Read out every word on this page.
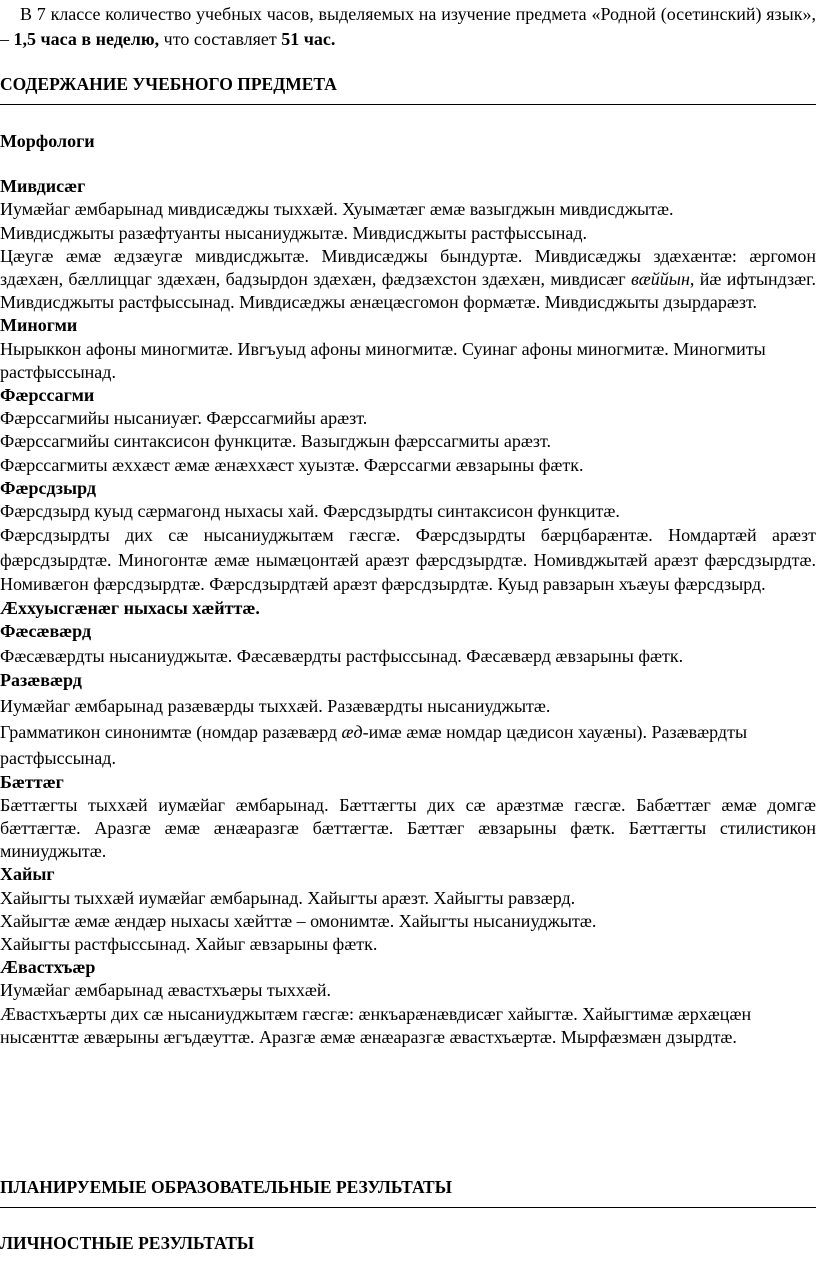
В 7 классе количество учебных часов, выделяемых на изучение предмета «Родной (осетинский) язык», – 1,5 часа в неделю, что составляет 51 час.

СОДЕРЖАНИЕ УЧЕБНОГО ПРЕДМЕТА

Морфологи

Мивдисæг

Иумæйаг æмбарынад мивдисæджы тыххæй. Хуымæтæг æмæ вазыгджын мивдисджытæ.

Мивдисджыты разæфтуанты нысаниуджытæ. Мивдисджыты растфыссынад.

Цæугæ æмæ æдзæугæ мивдисджытæ. Мивдисæджы бындуртæ. Мивдисæджы здæхæнтæ: æргомон здæхæн, бæллиццаг здæхæн, бадзырдон здæхæн, фæдзæхстон здæхæн, мивдисæг вæййын, йæ ифтындзæг. Мивдисджыты растфыссынад. Мивдисæджы æнæцæсгомон формæтæ. Мивдисджыты дзырдарæзт.

Миногми

Нырыккон афоны миногмитæ. Ивгъуыд афоны миногмитæ. Суинаг афоны миногмитæ. Миногмиты растфыссынад.

Фæрссагми

Фæрссагмийы нысаниуæг. Фæрссагмийы арæзт.

Фæрссагмийы синтаксисон функцитæ. Вазыгджын фæрссагмиты арæзт.

Фæрссагмиты æххæст æмæ æнæххæст хуызтæ. Фæрссагми æвзарыны фæтк.

Фæрсдзырд

Фæрсдзырд куыд сæрмагонд ныхасы хай. Фæрсдзырдты синтаксисон функцитæ.

Фæрсдзырдты дих сæ нысаниуджытæм гæсгæ. Фæрсдзырдты бæрцбарæнтæ. Номдартæй арæзт фæрсдзырдтæ. Миногонтæ æмæ нымæцонтæй арæзт фæрсдзырдтæ. Номивджытæй арæзт фæрсдзырдтæ. Номивæгон фæрсдзырдтæ. Фæрсдзырдтæй арæзт фæрсдзырдтæ. Куыд равзарын хъæуы фæрсдзырд.

Æххуысгæнæг ныхасы хæйттæ.

Фæсæвæрд

Фæсæвæрдты нысаниуджытæ. Фæсæвæрдты растфыссынад. Фæсæвæрд æвзарыны фæтк.

Разæвæрд

Иумæйаг æмбарынад разæвæрды тыххæй. Разæвæрдты нысаниуджытæ.

Грамматикон синонимтæ (номдар разæвæрд æд-имæ æмæ номдар цæдисон хауæны). Разæвæрдты растфыссынад.

Бæттæг

Бæттæгты тыххæй иумæйаг æмбарынад. Бæттæгты дих сæ арæзтмæ гæсгæ. Бабæттæг æмæ домгæ бæттæгтæ. Аразгæ æмæ æнæаразгæ бæттæгтæ. Бæттæг æвзарыны фæтк. Бæттæгты стилистикон миниуджытæ.

Хайыг

Хайыгты тыххæй иумæйаг æмбарынад. Хайыгты арæзт. Хайыгты равзæрд.

Хайыгтæ æмæ æндæр ныхасы хæйттæ – омонимтæ. Хайыгты нысаниуджытæ.

Хайыгты растфыссынад. Хайыг æвзарыны фæтк.

Æвастхъæр

Иумæйаг æмбарынад æвастхъæры тыххæй.

Æвастхъæрты дих сæ нысаниуджытæм гæсгæ: æнкъарæнæвдисæг хайыгтæ. Хайыгтимæ æрхæцæн нысæнттæ æвæрыны æгъдæуттæ. Аразгæ æмæ æнæаразгæ æвастхъæртæ. Мырфæзмæн дзырдтæ.

ПЛАНИРУЕМЫЕ ОБРАЗОВАТЕЛЬНЫЕ РЕЗУЛЬТАТЫ
ЛИЧНОСТНЫЕ РЕЗУЛЬТАТЫ
